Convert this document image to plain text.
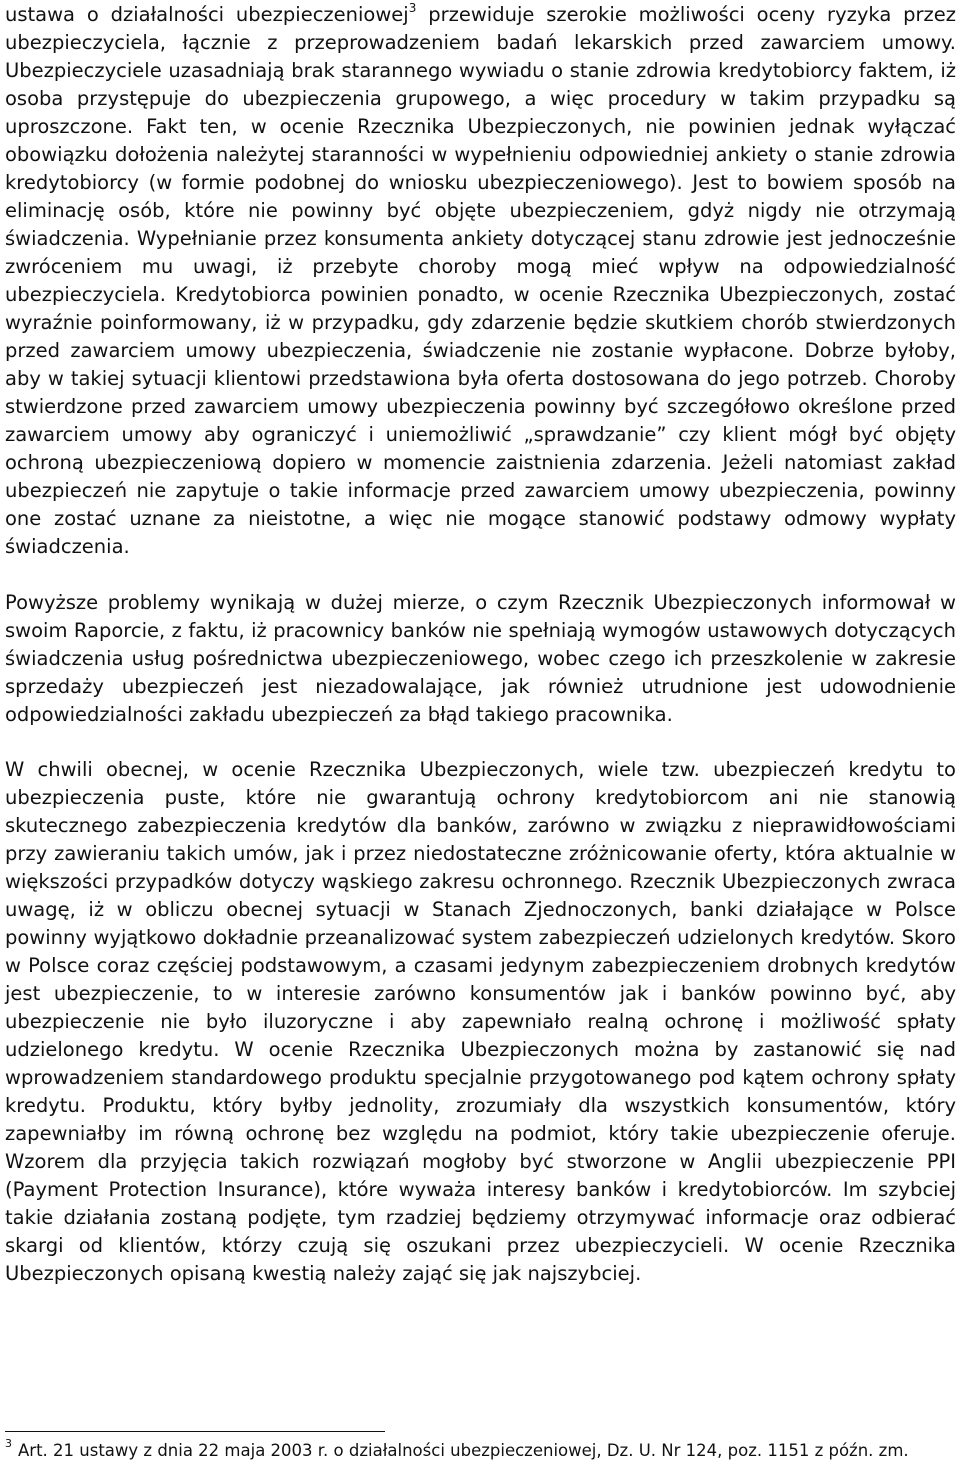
ustawa o działalności ubezpieczeniowej$^3$ przewiduje szerokie możliwości oceny ryzyka przez ubezpieczyciela, łącznie z przeprowadzeniem badań lekarskich przed zawarciem umowy. Ubezpieczyciele uzasadniają brak starannego wywiadu o stanie zdrowia kredytobiorcy faktem, iż osoba przystępuje do ubezpieczenia grupowego, a więc procedury w takim przypadku są uproszczone. Fakt ten, w ocenie Rzecznika Ubezpieczonych, nie powinien jednak wyłączać obowiązku dołożenia należytej staranności w wypełnieniu odpowiedniej ankiety o stanie zdrowia kredytobiorcy (w formie podobnej do wniosku ubezpieczeniowego). Jest to bowiem sposób na eliminację osób, które nie powinny być objęte ubezpieczeniem, gdyż nigdy nie otrzymają świadczenia. Wypełnianie przez konsumenta ankiety dotyczącej stanu zdrowie jest jednocześnie zwróceniem mu uwagi, iż przebyte choroby mogą mieć wpływ na odpowiedzialność ubezpieczyciela. Kredytobiorca powinien ponadto, w ocenie Rzecznika Ubezpieczonych, zostać wyraźnie poinformowany, iż w przypadku, gdy zdarzenie będzie skutkiem chorób stwierdzonych przed zawarciem umowy ubezpieczenia, świadczenie nie zostanie wypłacone. Dobrze byłoby, aby w takiej sytuacji klientowi przedstawiona była oferta dostosowana do jego potrzeb. Choroby stwierdzone przed zawarciem umowy ubezpieczenia powinny być szczegółowo określone przed zawarciem umowy aby ograniczyć i uniemożliwić „sprawdzanie” czy klient mógł być objęty ochroną ubezpieczeniową dopiero w momencie zaistnienia zdarzenia. Jeżeli natomiast zakład ubezpieczeń nie zapytuje o takie informacje przed zawarciem umowy ubezpieczenia, powinny one zostać uznane za nieistotne, a więc nie mogące stanowić podstawy odmowy wypłaty świadczenia.

Powyższe problemy wynikają w dużej mierze, o czym Rzecznik Ubezpieczonych informował w swoim Raporcie, z faktu, iż pracownicy banków nie spełniają wymogów ustawowych dotyczących świadczenia usług pośrednictwa ubezpieczeniowego, wobec czego ich przeszkolenie w zakresie sprzedaży ubezpieczeń jest niezadowalające, jak również utrudnione jest udowodnienie odpowiedzialności zakładu ubezpieczeń za błąd takiego pracownika.

W chwili obecnej, w ocenie Rzecznika Ubezpieczonych, wiele tzw. ubezpieczeń kredytu to ubezpieczenia puste, które nie gwarantują ochrony kredytobiorcom ani nie stanowią skutecznego zabezpieczenia kredytów dla banków, zarówno w związku z nieprawidłowościami przy zawieraniu takich umów, jak i przez niedostateczne zróżnicowanie oferty, która aktualnie w większości przypadków dotyczy wąskiego zakresu ochronnego. Rzecznik Ubezpieczonych zwraca uwagę, iż w obliczu obecnej sytuacji w Stanach Zjednoczonych, banki działające w Polsce powinny wyjątkowo dokładnie przeanalizować system zabezpieczeń udzielonych kredytów. Skoro w Polsce coraz częściej podstawowym, a czasami jedynym zabezpieczeniem drobnych kredytów jest ubezpieczenie, to w interesie zarówno konsumentów jak i banków powinno być, aby ubezpieczenie nie było iluzoryczne i aby zapewniało realną ochronę i możliwość spłaty udzielonego kredytu. W ocenie Rzecznika Ubezpieczonych można by zastanowić się nad wprowadzeniem standardowego produktu specjalnie przygotowanego pod kątem ochrony spłaty kredytu. Produktu, który byłby jednolity, zrozumiały dla wszystkich konsumentów, który zapewniałby im równą ochronę bez względu na podmiot, który takie ubezpieczenie oferuje. Wzorem dla przyjęcia takich rozwiązań mogłoby być stworzone w Anglii ubezpieczenie PPI (Payment Protection Insurance), które wyważa interesy banków i kredytobiorców. Im szybciej takie działania zostaną podjęte, tym rzadziej będziemy otrzymywać informacje oraz odbierać skargi od klientów, którzy czują się oszukani przez ubezpieczycieli. W ocenie Rzecznika Ubezpieczonych opisaną kwestią należy zająć się jak najszybciej.

$^3$ Art. 21 ustawy z dnia 22 maja 2003 r. o działalności ubezpieczeniowej, Dz. U. Nr 124, poz. 1151 z późn. zm.
